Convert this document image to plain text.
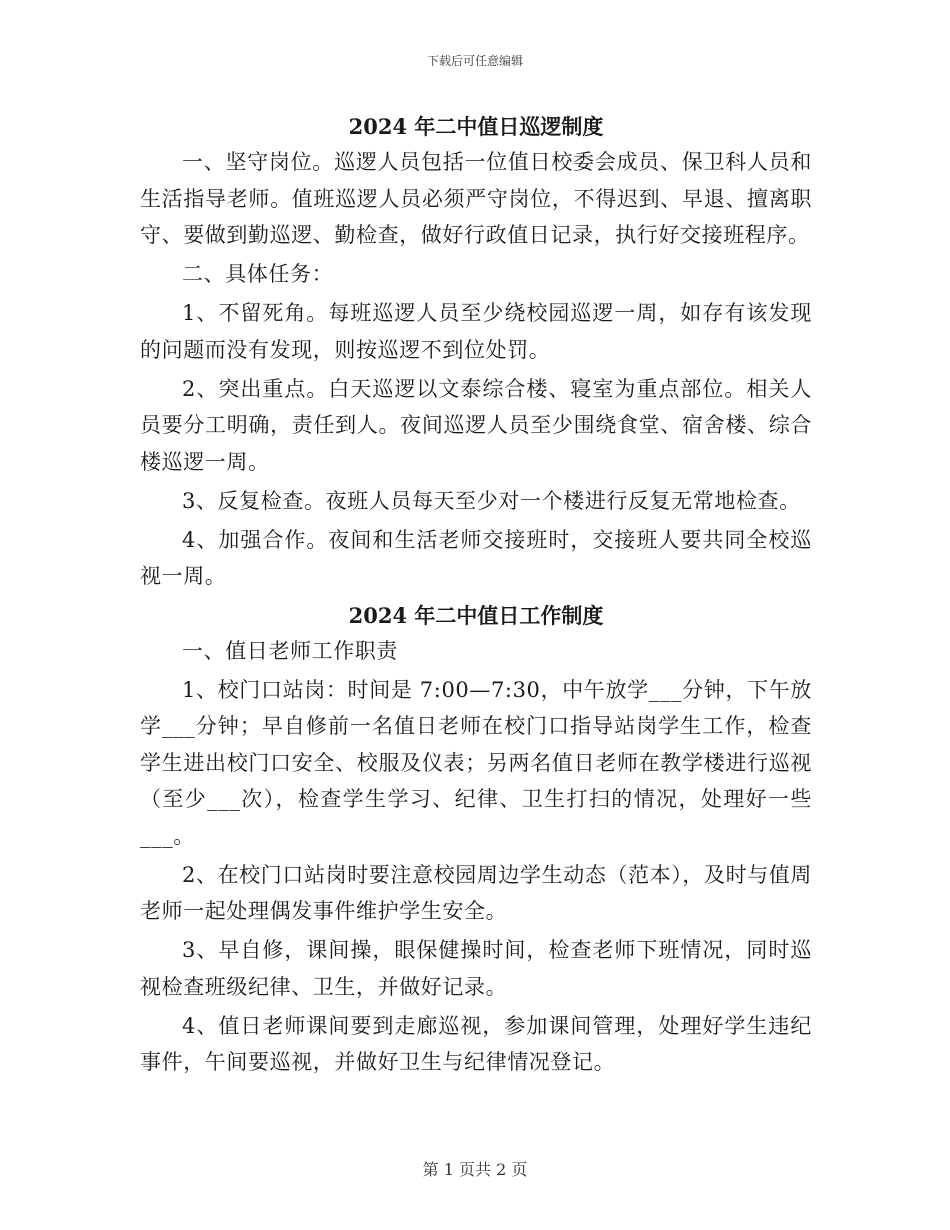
下载后可任意编辑
2024 年二中值日巡逻制度

一、坚守岗位。巡逻人员包括一位值日校委会成员、保卫科人员和生活指导老师。值班巡逻人员必须严守岗位，不得迟到、早退、擅离职守、要做到勤巡逻、勤检查，做好行政值日记录，执行好交接班程序。

二、具体任务：

1、不留死角。每班巡逻人员至少绕校园巡逻一周，如存有该发现的问题而没有发现，则按巡逻不到位处罚。

2、突出重点。白天巡逻以文泰综合楼、寝室为重点部位。相关人员要分工明确，责任到人。夜间巡逻人员至少围绕食堂、宿舍楼、综合楼巡逻一周。

3、反复检查。夜班人员每天至少对一个楼进行反复无常地检查。

4、加强合作。夜间和生活老师交接班时，交接班人要共同全校巡视一周。

2024 年二中值日工作制度

一、值日老师工作职责

1、校门口站岗：时间是 7:00—7:30，中午放学___分钟，下午放学___分钟；早自修前一名值日老师在校门口指导站岗学生工作，检查学生进出校门口安全、校服及仪表；另两名值日老师在教学楼进行巡视（至少___次），检查学生学习、纪律、卫生打扫的情况，处理好一些___。

2、在校门口站岗时要注意校园周边学生动态（范本），及时与值周老师一起处理偶发事件维护学生安全。

3、早自修，课间操，眼保健操时间，检查老师下班情况，同时巡视检查班级纪律、卫生，并做好记录。

4、值日老师课间要到走廊巡视，参加课间管理，处理好学生违纪事件，午间要巡视，并做好卫生与纪律情况登记。

第 1 页共 2 页
